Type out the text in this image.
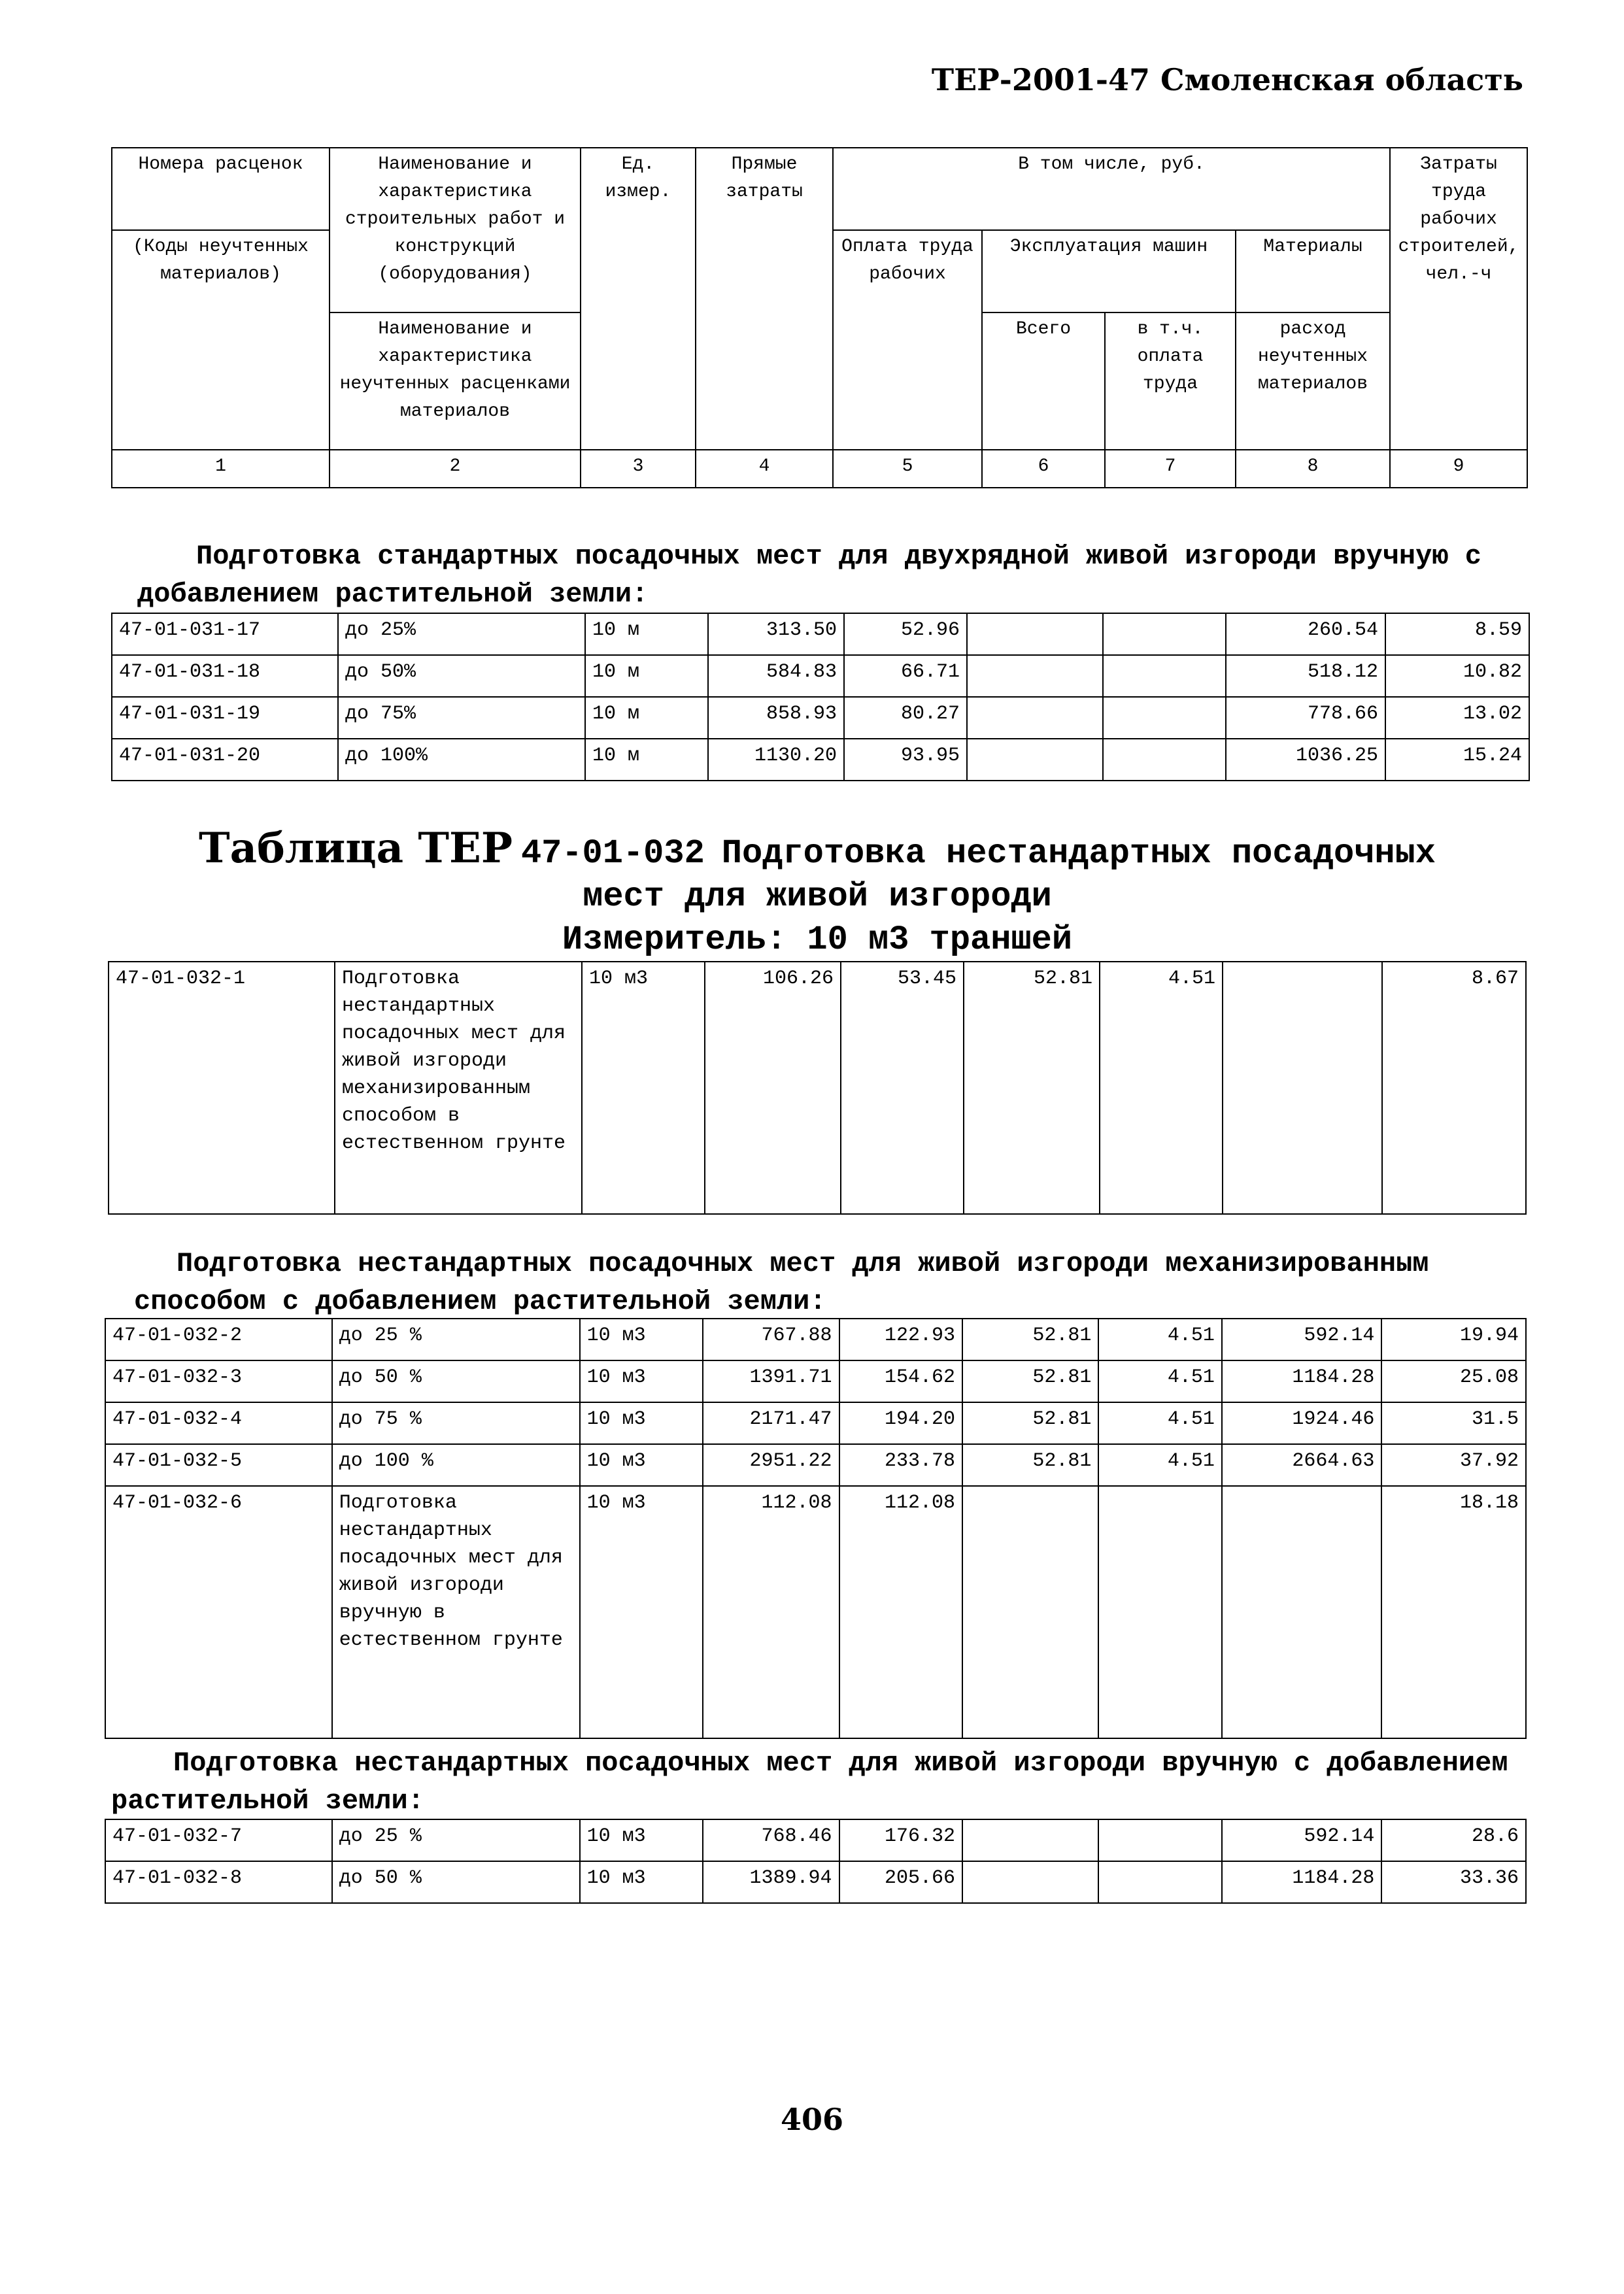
ТЕР-2001-47 Смоленская область
Номера расценок	Наименование и характеристика строительных работ и конструкций (оборудования)	Ед. измер.	Прямые затраты	В том числе, руб.				Затраты труда рабочих строителей, чел.-ч
(Коды неучтенных материалов)				Оплата труда рабочих	Эксплуатация машин		Материалы	
	Наименование и характеристика неучтенных расценками материалов				Всего	в т.ч. оплата труда	расход неучтенных материалов	
1	2	3	4	5	6	7	8	9
Подготовка стандартных посадочных мест для двухрядной живой изгороди вручную с добавлением растительной земли:
47-01-031-17	до 25%	10 м	313.50	52.96			260.54	8.59
47-01-031-18	до 50%	10 м	584.83	66.71			518.12	10.82
47-01-031-19	до 75%	10 м	858.93	80.27			778.66	13.02
47-01-031-20	до 100%	10 м	1130.20	93.95			1036.25	15.24
Таблица ТЕР 47-01-032 Подготовка нестандартных посадочных
мест для живой изгороди
Измеритель: 10 м3 траншей
47-01-032-1	Подготовка нестандартных посадочных мест для живой изгороди механизированным способом в естественном грунте	10 м3	106.26	53.45	52.81	4.51		8.67
Подготовка нестандартных посадочных мест для живой изгороди механизированным способом с добавлением растительной земли:
47-01-032-2	до 25 %	10 м3	767.88	122.93	52.81	4.51	592.14	19.94
47-01-032-3	до 50 %	10 м3	1391.71	154.62	52.81	4.51	1184.28	25.08
47-01-032-4	до 75 %	10 м3	2171.47	194.20	52.81	4.51	1924.46	31.5
47-01-032-5	до 100 %	10 м3	2951.22	233.78	52.81	4.51	2664.63	37.92
47-01-032-6	Подготовка нестандартных посадочных мест для живой изгороди вручную в естественном грунте	10 м3	112.08	112.08				18.18
Подготовка нестандартных посадочных мест для живой изгороди вручную с добавлением растительной земли:
47-01-032-7	до 25 %	10 м3	768.46	176.32			592.14	28.6
47-01-032-8	до 50 %	10 м3	1389.94	205.66			1184.28	33.36
406
